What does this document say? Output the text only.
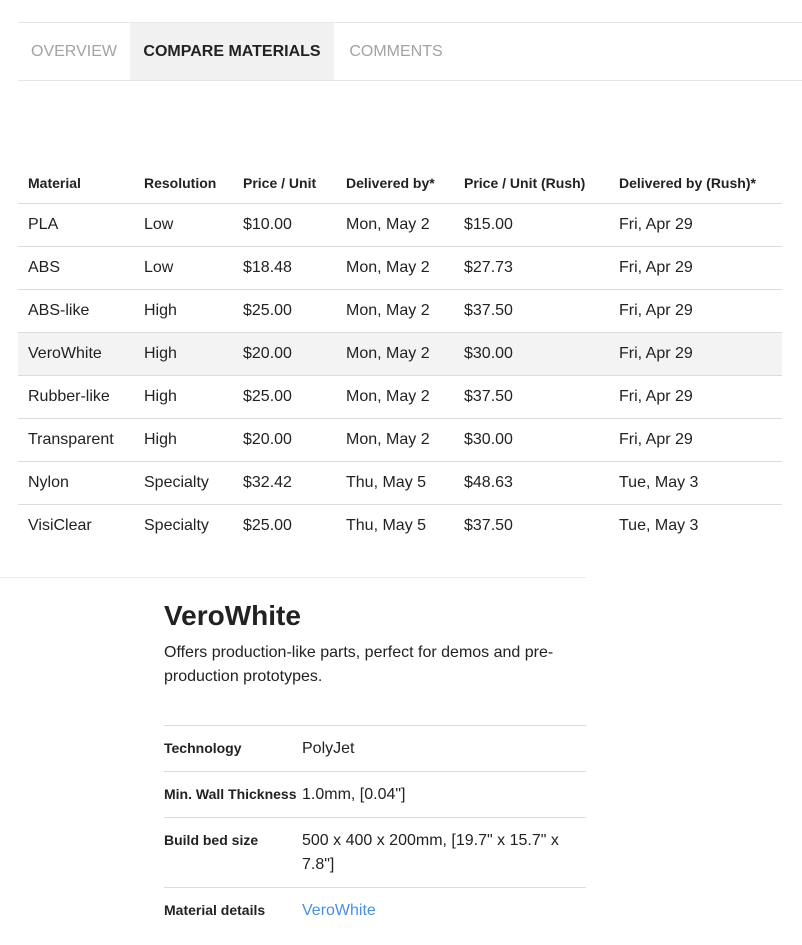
OVERVIEW	COMPARE MATERIALS	COMMENTS
Material	Resolution	Price / Unit	Delivered by*	Price / Unit (Rush)	Delivered by (Rush)*
PLA	Low	$10.00	Mon, May 2	$15.00	Fri, Apr 29
ABS	Low	$18.48	Mon, May 2	$27.73	Fri, Apr 29
ABS-like	High	$25.00	Mon, May 2	$37.50	Fri, Apr 29
VeroWhite	High	$20.00	Mon, May 2	$30.00	Fri, Apr 29
Rubber-like	High	$25.00	Mon, May 2	$37.50	Fri, Apr 29
Transparent	High	$20.00	Mon, May 2	$30.00	Fri, Apr 29
Nylon	Specialty	$32.42	Thu, May 5	$48.63	Tue, May 3
VisiClear	Specialty	$25.00	Thu, May 5	$37.50	Tue, May 3
VeroWhite

Offers production-like parts, perfect for demos and pre-production prototypes.

Technology	PolyJet
Min. Wall Thickness	1.0mm, [0.04"]
Build bed size	500 x 400 x 200mm, [19.7" x 15.7" x 7.8"]
Material details	VeroWhite
